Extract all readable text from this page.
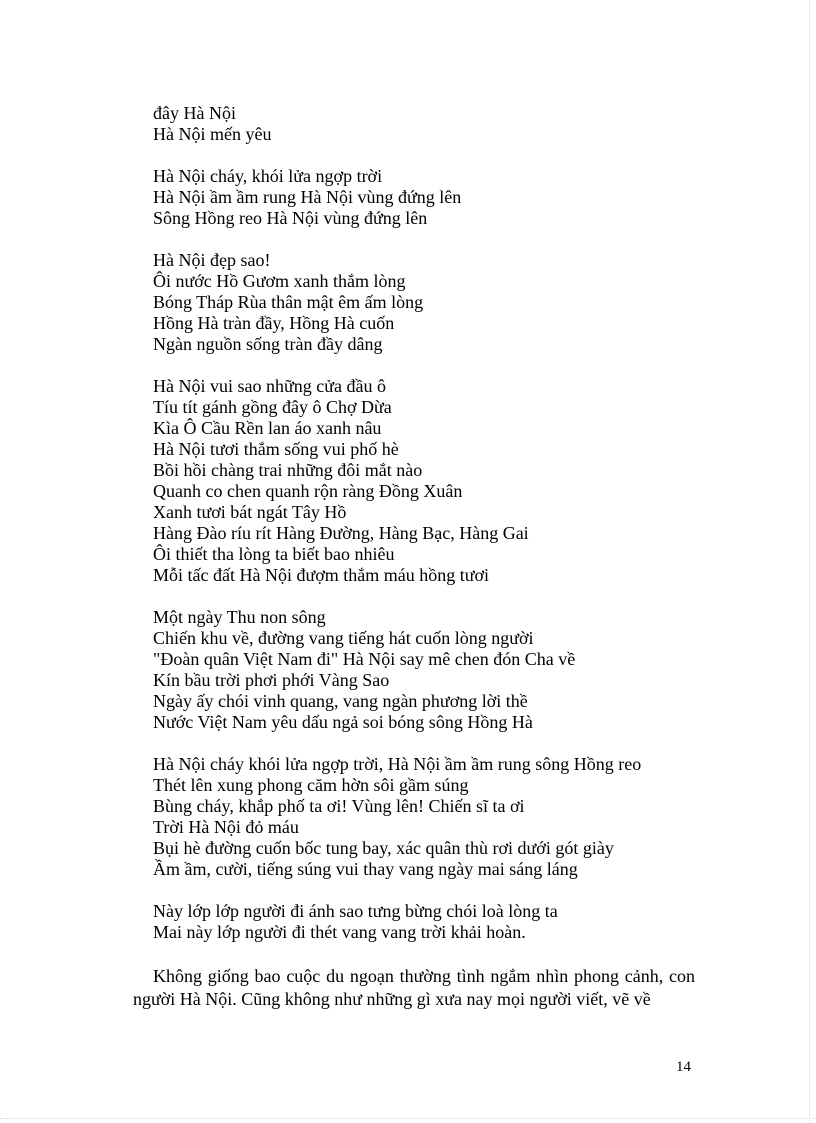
đây Hà Nội
Hà Nội mến yêu
Hà Nội cháy, khói lửa ngợp trời
Hà Nội ầm ầm rung Hà Nội vùng đứng lên
Sông Hồng reo Hà Nội vùng đứng lên
Hà Nội đẹp sao!
Ôi nước Hồ Gươm xanh thắm lòng
Bóng Tháp Rùa thân mật êm ấm lòng
Hồng Hà tràn đầy, Hồng Hà cuốn
Ngàn nguồn sống tràn đầy dâng
Hà Nội vui sao những cửa đầu ô
Tíu tít gánh gồng đây ô Chợ Dừa
Kìa Ô Cầu Rền lan áo xanh nâu
Hà Nội tươi thắm sống vui phố hè
Bồi hồi chàng trai những đôi mắt nào
Quanh co chen quanh rộn ràng Đồng Xuân
Xanh tươi bát ngát Tây Hồ
Hàng Đào ríu rít Hàng Đường, Hàng Bạc, Hàng Gai
Ôi thiết tha lòng ta biết bao nhiêu
Mỗi tấc đất Hà Nội đượm thắm máu hồng tươi
Một ngày Thu non sông
Chiến khu về, đường vang tiếng hát cuốn lòng người
"Đoàn quân Việt Nam đi" Hà Nội say mê chen đón Cha về
Kín bầu trời phơi phới Vàng Sao
Ngày ấy chói vinh quang, vang ngàn phương lời thề
Nước Việt Nam yêu dấu ngả soi bóng sông Hồng Hà
Hà Nội cháy khói lửa ngợp trời, Hà Nội ầm ầm rung sông Hồng reo
Thét lên xung phong căm hờn sôi gầm súng
Bùng cháy, khắp phố ta ơi! Vùng lên! Chiến sĩ ta ơi
Trời Hà Nội đỏ máu
Bụi hè đường cuốn bốc tung bay, xác quân thù rơi dưới gót giày
Ầm ầm, cười, tiếng súng vui thay vang ngày mai sáng láng
Này lớp lớp người đi ánh sao tưng bừng chói loà lòng ta
Mai này lớp người đi thét vang vang trời khải hoàn.

Không giống bao cuộc du ngoạn thường tình ngắm nhìn phong cảnh, con người Hà Nội. Cũng không như những gì xưa nay mọi người viết, vẽ về

14
